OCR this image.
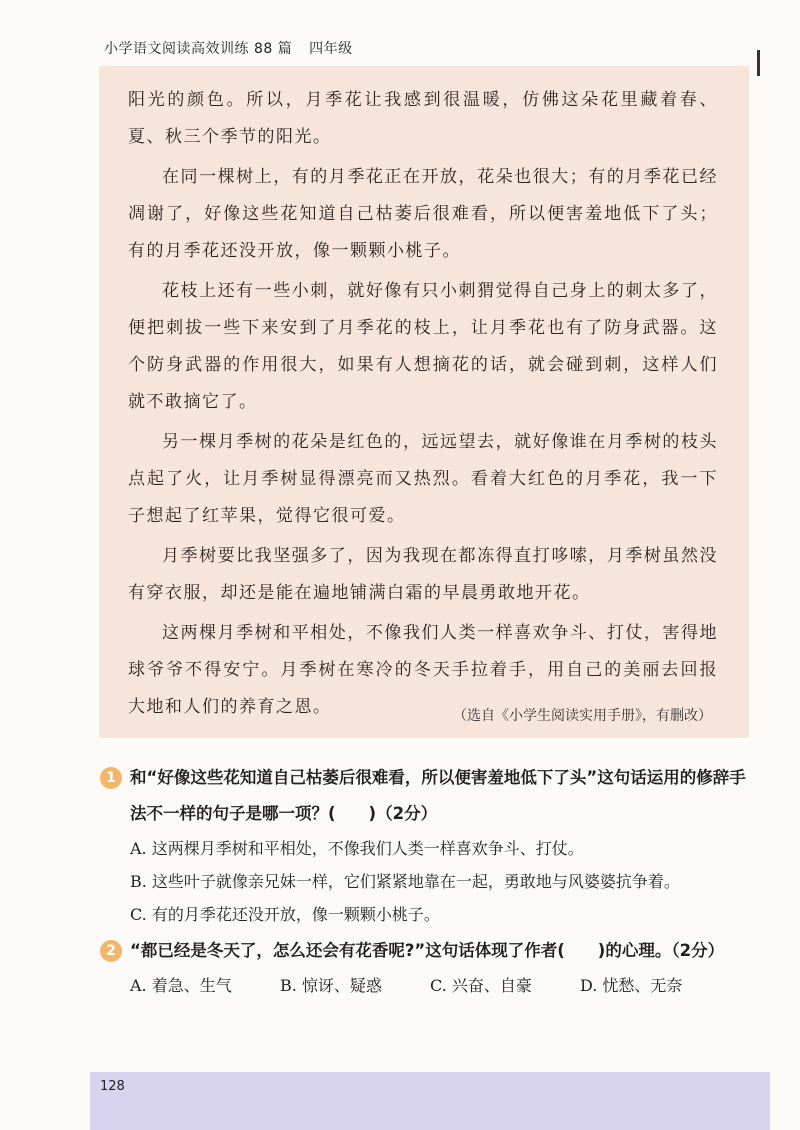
小学语文阅读高效训练 88 篇 四年级

阳光的颜色。所以，月季花让我感到很温暖，仿佛这朵花里藏着春、夏、秋三个季节的阳光。

在同一棵树上，有的月季花正在开放，花朵也很大；有的月季花已经凋谢了，好像这些花知道自己枯萎后很难看，所以便害羞地低下了头；有的月季花还没开放，像一颗颗小桃子。

花枝上还有一些小刺，就好像有只小刺猬觉得自己身上的刺太多了，便把刺拔一些下来安到了月季花的枝上，让月季花也有了防身武器。这个防身武器的作用很大，如果有人想摘花的话，就会碰到刺，这样人们就不敢摘它了。

另一棵月季树的花朵是红色的，远远望去，就好像谁在月季树的枝头点起了火，让月季树显得漂亮而又热烈。看着大红色的月季花，我一下子想起了红苹果，觉得它很可爱。

月季树要比我坚强多了，因为我现在都冻得直打哆嗦，月季树虽然没有穿衣服，却还是能在遍地铺满白霜的早晨勇敢地开花。

这两棵月季树和平相处，不像我们人类一样喜欢争斗、打仗，害得地球爷爷不得安宁。月季树在寒冷的冬天手拉着手，用自己的美丽去回报大地和人们的养育之恩。	（选自《小学生阅读实用手册》，有删改）
1 和“好像这些花知道自己枯萎后很难看，所以便害羞地低下了头”这句话运用的修辞手法不一样的句子是哪一项？(　　)（2分）
A. 这两棵月季树和平相处，不像我们人类一样喜欢争斗、打仗。
B. 这些叶子就像亲兄妹一样，它们紧紧地靠在一起，勇敢地与风婆婆抗争着。
C. 有的月季花还没开放，像一颗颗小桃子。
2 “都已经是冬天了，怎么还会有花香呢?”这句话体现了作者(　　)的心理。（2分）
A. 着急、生气	B. 惊讶、疑惑	C. 兴奋、自豪	D. 忧愁、无奈
128
